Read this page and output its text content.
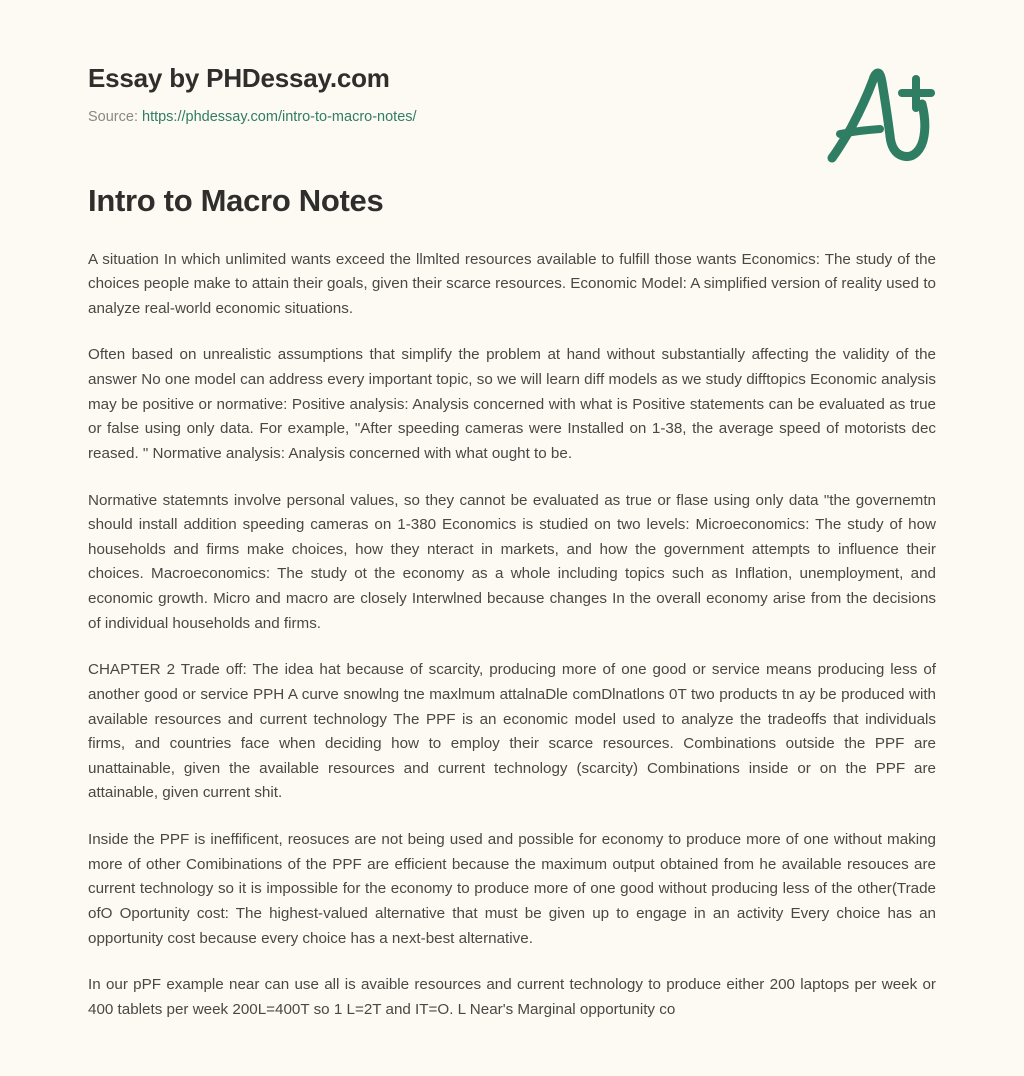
Essay by PHDessay.com
Source: https://phdessay.com/intro-to-macro-notes/
Intro to Macro Notes

A situation In which unlimited wants exceed the llmlted resources available to fulfill those wants Economics: The study of the choices people make to attain their goals, given their scarce resources. Economic Model: A simplified version of reality used to analyze real-world economic situations.

Often based on unrealistic assumptions that simplify the problem at hand without substantially affecting the validity of the answer No one model can address every important topic, so we will learn diff models as we study difftopics Economic analysis may be positive or normative: Positive analysis: Analysis concerned with what is Positive statements can be evaluated as true or false using only data. For example, "After speeding cameras were Installed on 1-38, the average speed of motorists dec reased. " Normative analysis: Analysis concerned with what ought to be.

Normative statemnts involve personal values, so they cannot be evaluated as true or flase using only data "the governemtn should install addition speeding cameras on 1-380 Economics is studied on two levels: Microeconomics: The study of how households and firms make choices, how they nteract in markets, and how the government attempts to influence their choices. Macroeconomics: The study ot the economy as a whole including topics such as Inflation, unemployment, and economic growth. Micro and macro are closely Interwlned because changes In the overall economy arise from the decisions of individual households and firms.

CHAPTER 2 Trade off: The idea hat because of scarcity, producing more of one good or service means producing less of another good or service PPH A curve snowlng tne maxlmum attalnaDle comDlnatlons 0T two products tn ay be produced with available resources and current technology The PPF is an economic model used to analyze the tradeoffs that individuals firms, and countries face when deciding how to employ their scarce resources. Combinations outside the PPF are unattainable, given the available resources and current technology (scarcity) Combinations inside or on the PPF are attainable, given current shit.

Inside the PPF is ineffificent, reosuces are not being used and possible for economy to produce more of one without making more of other Comibinations of the PPF are efficient because the maximum output obtained from he available resouces are current technology so it is impossible for the economy to produce more of one good without producing less of the other(Trade ofO Oportunity cost: The highest-valued alternative that must be given up to engage in an activity Every choice has an opportunity cost because every choice has a next-best alternative.

In our pPF example near can use all is avaible resources and current technology to produce either 200 laptops per week or 400 tablets per week 200L=400T so 1 L=2T and IT=O. L Near's Marginal opportunity co
